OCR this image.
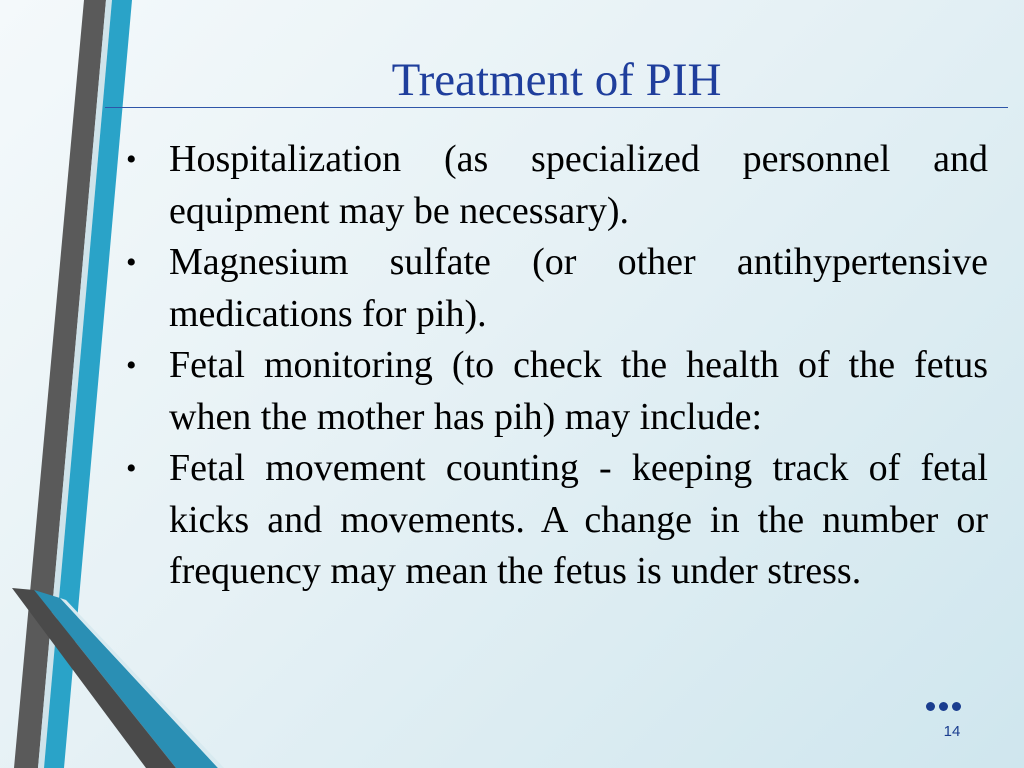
Treatment of PIH
• Hospitalization (as specialized personnel and equipment may be necessary).
• Magnesium sulfate (or other antihypertensive medications for pih).
• Fetal monitoring (to check the health of the fetus when the mother has pih) may include:
• Fetal movement counting - keeping track of fetal kicks and movements. A change in the number or frequency may mean the fetus is under stress.
14
